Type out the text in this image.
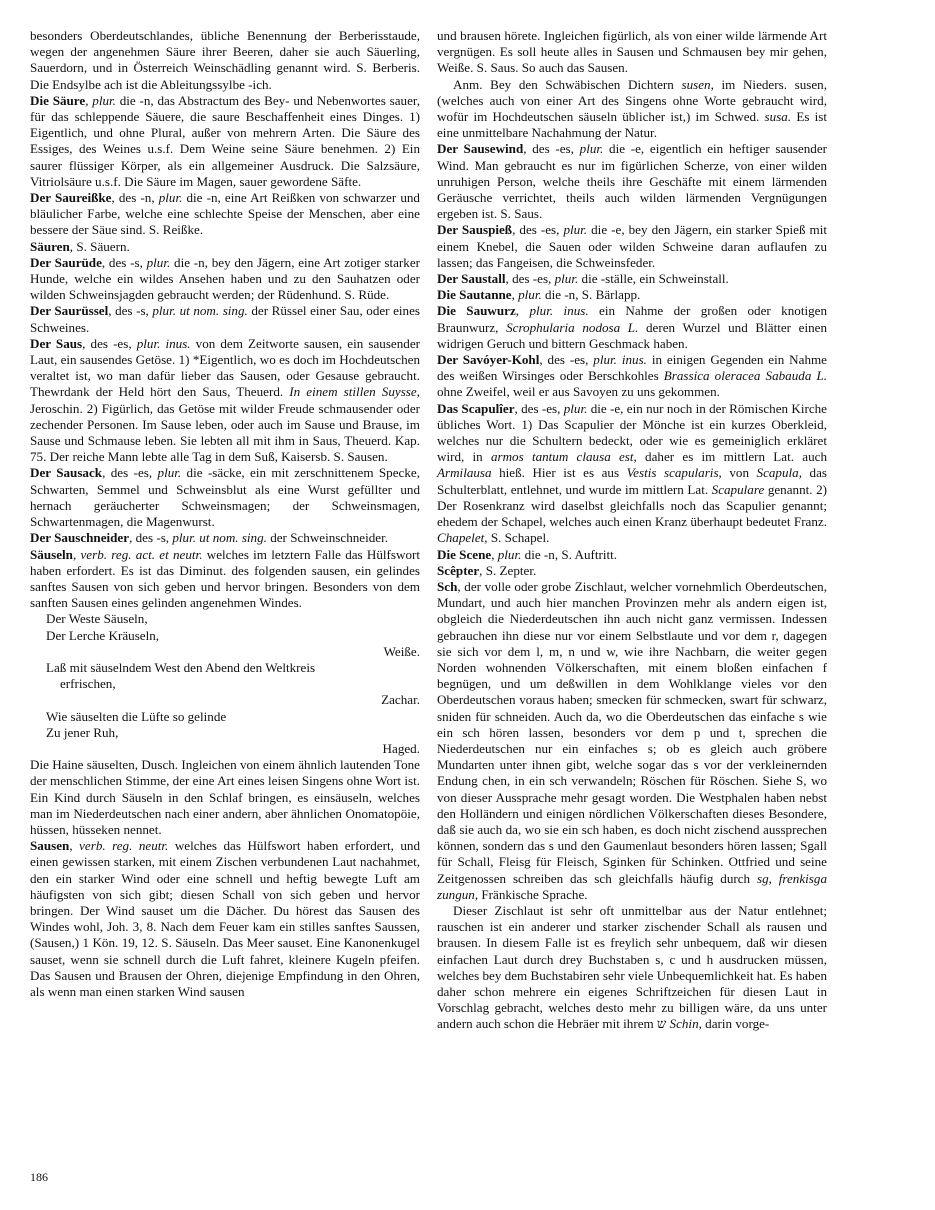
besonders Oberdeutschlandes, übliche Benennung der Berberisstaude, wegen der angenehmen Säure ihrer Beeren, daher sie auch Säuerling, Sauerdorn, und in Österreich Weinschädling genannt wird. S. Berberis. Die Endsylbe ach ist die Ableitungssylbe -ich.

Die Säure, plur. die -n, das Abstractum des Bey- und Nebenwortes sauer, für das schleppende Säuere, die saure Beschaffenheit eines Dinges. 1) Eigentlich, und ohne Plural, außer von mehrern Arten. Die Säure des Essiges, des Weines u.s.f. Dem Weine seine Säure benehmen. 2) Ein saurer flüssiger Körper, als ein allgemeiner Ausdruck. Die Salzsäure, Vitriolsäure u.s.f. Die Säure im Magen, sauer gewordene Säfte.

Der Saureißke, des -n, plur. die -n, eine Art Reißken von schwarzer und bläulicher Farbe, welche eine schlechte Speise der Menschen, aber eine bessere der Säue sind. S. Reißke.

Säuren, S. Säuern.

Der Saurüde, des -s, plur. die -n, bey den Jägern, eine Art zotiger starker Hunde, welche ein wildes Ansehen haben und zu den Sauhatzen oder wilden Schweinsjagden gebraucht werden; der Rüdenhund. S. Rüde.

Der Saurüssel, des -s, plur. ut nom. sing. der Rüssel einer Sau, oder eines Schweines.

Der Saus, des -es, plur. inus. von dem Zeitworte sausen, ein sausender Laut, ein sausendes Getöse. 1) *Eigentlich, wo es doch im Hochdeutschen veraltet ist, wo man dafür lieber das Sausen, oder Gesause gebraucht. Thewrdank der Held hört den Saus, Theuerd. In einem stillen Suysse, Jeroschin. 2) Figürlich, das Getöse mit wilder Freude schmausender oder zechender Personen. Im Sause leben, oder auch im Sause und Brause, im Sause und Schmause leben. Sie lebten all mit ihm in Saus, Theuerd. Kap. 75. Der reiche Mann lebte alle Tag in dem Suß, Kaisersb. S. Sausen.

Der Sausack, des -es, plur. die -säcke, ein mit zerschnittenem Specke, Schwarten, Semmel und Schweinsblut als eine Wurst gefüllter und hernach geräucherter Schweinsmagen; der Schweinsmagen, Schwartenmagen, die Magenwurst.

Der Sauschneider, des -s, plur. ut nom. sing. der Schweinschneider.

Säuseln, verb. reg. act. et neutr. welches im letztern Falle das Hülfswort haben erfordert. Es ist das Diminut. des folgenden sausen, ein gelindes sanftes Sausen von sich geben und hervor bringen. Besonders von dem sanften Sausen eines gelinden angenehmen Windes.

Der Weste Säuseln,
Der Lerche Kräuseln,
Weiße.
Laß mit säuselndem West den Abend den Weltkreis
erfrischen,
Zachar.
Wie säuselten die Lüfte so gelinde
Zu jener Ruh,
Haged.

Die Haine säuselten, Dusch. Ingleichen von einem ähnlich lautenden Tone der menschlichen Stimme, der eine Art eines leisen Singens ohne Wort ist. Ein Kind durch Säuseln in den Schlaf bringen, es einsäuseln, welches man im Niederdeutschen nach einer andern, aber ähnlichen Onomatopöie, hüssen, hüsseken nennet.

Sausen, verb. reg. neutr. welches das Hülfswort haben erfordert, und einen gewissen starken, mit einem Zischen verbundenen Laut nachahmet, den ein starker Wind oder eine schnell und heftig bewegte Luft am häufigsten von sich gibt; diesen Schall von sich geben und hervor bringen. Der Wind sauset um die Dächer. Du hörest das Sausen des Windes wohl, Joh. 3, 8. Nach dem Feuer kam ein stilles sanftes Saussen, (Sausen,) 1 Kön. 19, 12. S. Säuseln. Das Meer sauset. Eine Kanonenkugel sauset, wenn sie schnell durch die Luft fahret, kleinere Kugeln pfeifen. Das Sausen und Brausen der Ohren, diejenige Empfindung in den Ohren, als wenn man einen starken Wind sausen

und brausen hörete. Ingleichen figürlich, als von einer wilde lärmende Art vergnügen. Es soll heute alles in Sausen und Schmausen bey mir gehen, Weiße. S. Saus. So auch das Sausen.

Anm. Bey den Schwäbischen Dichtern susen, im Nieders. susen, (welches auch von einer Art des Singens ohne Worte gebraucht wird, wofür im Hochdeutschen säuseln üblicher ist,) im Schwed. susa. Es ist eine unmittelbare Nachahmung der Natur.

Der Sausewind, des -es, plur. die -e, eigentlich ein heftiger sausender Wind. Man gebraucht es nur im figürlichen Scherze, von einer wilden unruhigen Person, welche theils ihre Geschäfte mit einem lärmenden Geräusche verrichtet, theils auch wilden lärmenden Vergnügungen ergeben ist. S. Saus.

Der Sauspieß, des -es, plur. die -e, bey den Jägern, ein starker Spieß mit einem Knebel, die Sauen oder wilden Schweine daran auflaufen zu lassen; das Fangeisen, die Schweinsfeder.

Der Saustall, des -es, plur. die -ställe, ein Schweinstall.

Die Sautanne, plur. die -n, S. Bärlapp.

Die Sauwurz, plur. inus. ein Nahme der großen oder knotigen Braunwurz, Scrophularia nodosa L. deren Wurzel und Blätter einen widrigen Geruch und bittern Geschmack haben.

Der Savóyer-Kohl, des -es, plur. inus. in einigen Gegenden ein Nahme des weißen Wirsinges oder Berschkohles Brassica oleracea Sabauda L. ohne Zweifel, weil er aus Savoyen zu uns gekommen.

Das Scapulîer, des -es, plur. die -e, ein nur noch in der Römischen Kirche übliches Wort. 1) Das Scapulier der Mönche ist ein kurzes Oberkleid, welches nur die Schultern bedeckt, oder wie es gemeiniglich erkläret wird, in armos tantum clausa est, daher es im mittlern Lat. auch Armilausa hieß. Hier ist es aus Vestis scapularis, von Scapula, das Schulterblatt, entlehnet, und wurde im mittlern Lat. Scapulare genannt. 2) Der Rosenkranz wird daselbst gleichfalls noch das Scapulier genannt; ehedem der Schapel, welches auch einen Kranz überhaupt bedeutet Franz. Chapelet, S. Schapel.

Die Scene, plur. die -n, S. Auftritt.

Scêpter, S. Zepter.

Sch, der volle oder grobe Zischlaut, welcher vornehmlich Oberdeutschen, Mundart, und auch hier manchen Provinzen mehr als andern eigen ist, obgleich die Niederdeutschen ihn auch nicht ganz vermissen. Indessen gebrauchen ihn diese nur vor einem Selbstlaute und vor dem r, dagegen sie sich vor dem l, m, n und w, wie ihre Nachbarn, die weiter gegen Norden wohnenden Völkerschaften, mit einem bloßen einfachen f begnügen, und um deßwillen in dem Wohlklange vieles vor den Oberdeutschen voraus haben; smecken für schmecken, swart für schwarz, sniden für schneiden. Auch da, wo die Oberdeutschen das einfache s wie ein sch hören lassen, besonders vor dem p und t, sprechen die Niederdeutschen nur ein einfaches s; ob es gleich auch gröbere Mundarten unter ihnen gibt, welche sogar das s vor der verkleinernden Endung chen, in ein sch verwandeln; Röschen für Röschen. Siehe S, wo von dieser Aussprache mehr gesagt worden. Die Westphalen haben nebst den Holländern und einigen nördlichen Völkerschaften dieses Besondere, daß sie auch da, wo sie ein sch haben, es doch nicht zischend aussprechen können, sondern das s und den Gaumenlaut besonders hören lassen; Sgall für Schall, Fleisg für Fleisch, Sginken für Schinken. Ottfried und seine Zeitgenossen schreiben das sch gleichfalls häufig durch sg, frenkisga zungun, Fränkische Sprache.

Dieser Zischlaut ist sehr oft unmittelbar aus der Natur entlehnet; rauschen ist ein anderer und starker zischender Schall als rausen und brausen. In diesem Falle ist es freylich sehr unbequem, daß wir diesen einfachen Laut durch drey Buchstaben s, c und h ausdrucken müssen, welches bey dem Buchstabiren sehr viele Unbequemlichkeit hat. Es haben daher schon mehrere ein eigenes Schriftzeichen für diesen Laut in Vorschlag gebracht, welches desto mehr zu billigen wäre, da uns unter andern auch schon die Hebräer mit ihrem ש Schin, darin vorge-

186
